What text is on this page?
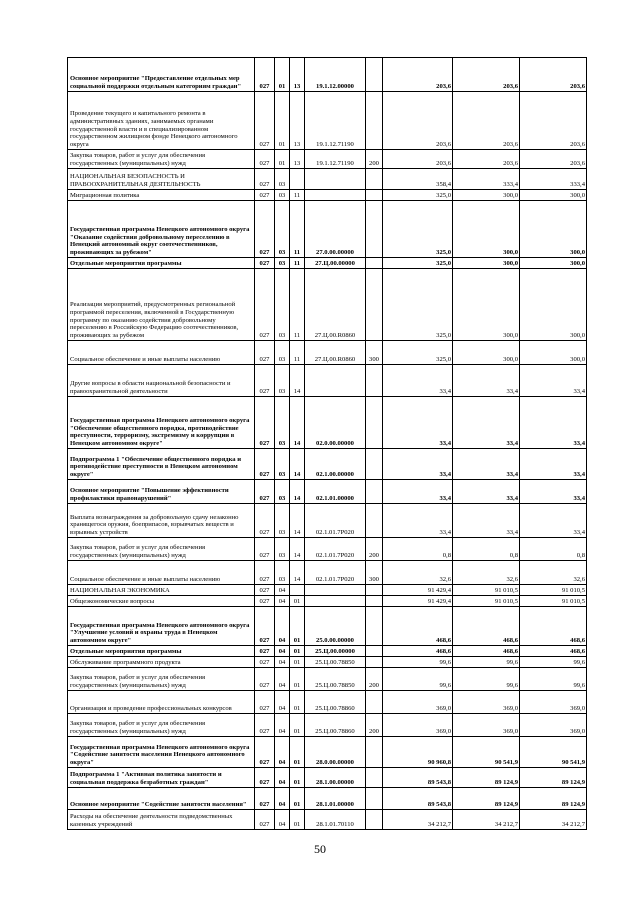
Основное мероприятие "Предоставление отдельных мер социальной поддержки отдельным категориям граждан"	027	01	13	19.1.12.00000		203,6	203,6	203,6
Проведение текущего и капитального ремонта в административных зданиях, занимаемых органами государственной власти и в специализированном государственном жилищном фонде Ненецкого автономного округа	027	01	13	19.1.12.71190		203,6	203,6	203,6
Закупка товаров, работ и услуг для обеспечения государственных (муниципальных) нужд	027	01	13	19.1.12.71190	200	203,6	203,6	203,6
НАЦИОНАЛЬНАЯ БЕЗОПАСНОСТЬ И ПРАВООХРАНИТЕЛЬНАЯ ДЕЯТЕЛЬНОСТЬ	027	03				358,4	333,4	333,4
Миграционная политика	027	03	11			325,0	300,0	300,0
Государственная программа Ненецкого автономного округа "Оказание содействия добровольному переселению в Ненецкий автономный округ соотечественников, проживающих за рубежом"	027	03	11	27.0.00.00000		325,0	300,0	300,0
Отдельные мероприятия программы	027	03	11	27.Ц.00.00000		325,0	300,0	300,0
Реализация мероприятий, предусмотренных региональной программой переселения, включенной в Государственную программу по оказанию содействия добровольному переселению в Российскую Федерацию соотечественников, проживающих за рубежом	027	03	11	27.Ц.00.R0860		325,0	300,0	300,0
Социальное обеспечение и иные выплаты населению	027	03	11	27.Ц.00.R0860	300	325,0	300,0	300,0
Другие вопросы в области национальной безопасности и правоохранительной деятельности	027	03	14			33,4	33,4	33,4
Государственная программа Ненецкого автономного округа "Обеспечение общественного порядка, противодействие преступности, терроризму, экстремизму и коррупции в Ненецком автономном округе"	027	03	14	02.0.00.00000		33,4	33,4	33,4
Подпрограмма 1 "Обеспечение общественного порядка и противодействие преступности в Ненецком автономном округе"	027	03	14	02.1.00.00000		33,4	33,4	33,4
Основное мероприятие "Повышение эффективности профилактики правонарушений"	027	03	14	02.1.01.00000		33,4	33,4	33,4
Выплата вознаграждения за добровольную сдачу незаконно хранящегося оружия, боеприпасов, взрывчатых веществ и взрывных устройств	027	03	14	02.1.01.7Р020		33,4	33,4	33,4
Закупка товаров, работ и услуг для обеспечения государственных (муниципальных) нужд	027	03	14	02.1.01.7Р020	200	0,8	0,8	0,8
Социальное обеспечение и иные выплаты населению	027	03	14	02.1.01.7Р020	300	32,6	32,6	32,6
НАЦИОНАЛЬНАЯ ЭКОНОМИКА	027	04				91 429,4	91 010,5	91 010,5
Общеэкономические вопросы	027	04	01			91 429,4	91 010,5	91 010,5
Государственная программа Ненецкого автономного округа "Улучшение условий и охраны труда в Ненецком автономном округе"	027	04	01	25.0.00.00000		468,6	468,6	468,6
Отдельные мероприятия программы	027	04	01	25.Ц.00.00000		468,6	468,6	468,6
Обслуживание программного продукта	027	04	01	25.Ц.00.78850		99,6	99,6	99,6
Закупка товаров, работ и услуг для обеспечения государственных (муниципальных) нужд	027	04	01	25.Ц.00.78850	200	99,6	99,6	99,6
Организация и проведение профессиональных конкурсов	027	04	01	25.Ц.00.78860		369,0	369,0	369,0
Закупка товаров, работ и услуг для обеспечения государственных (муниципальных) нужд	027	04	01	25.Ц.00.78860	200	369,0	369,0	369,0
Государственная программа Ненецкого автономного округа "Содействие занятости населения Ненецкого автономного округа"	027	04	01	28.0.00.00000		90 960,8	90 541,9	90 541,9
Подпрограмма 1 "Активная политика занятости и социальная поддержка безработных граждан"	027	04	01	28.1.00.00000		89 543,8	89 124,9	89 124,9
Основное мероприятие "Содействие занятости населения"	027	04	01	28.1.01.00000		89 543,8	89 124,9	89 124,9
Расходы на обеспечение деятельности подведомственных казенных учреждений	027	04	01	28.1.01.70110		34 212,7	34 212,7	34 212,7
50
